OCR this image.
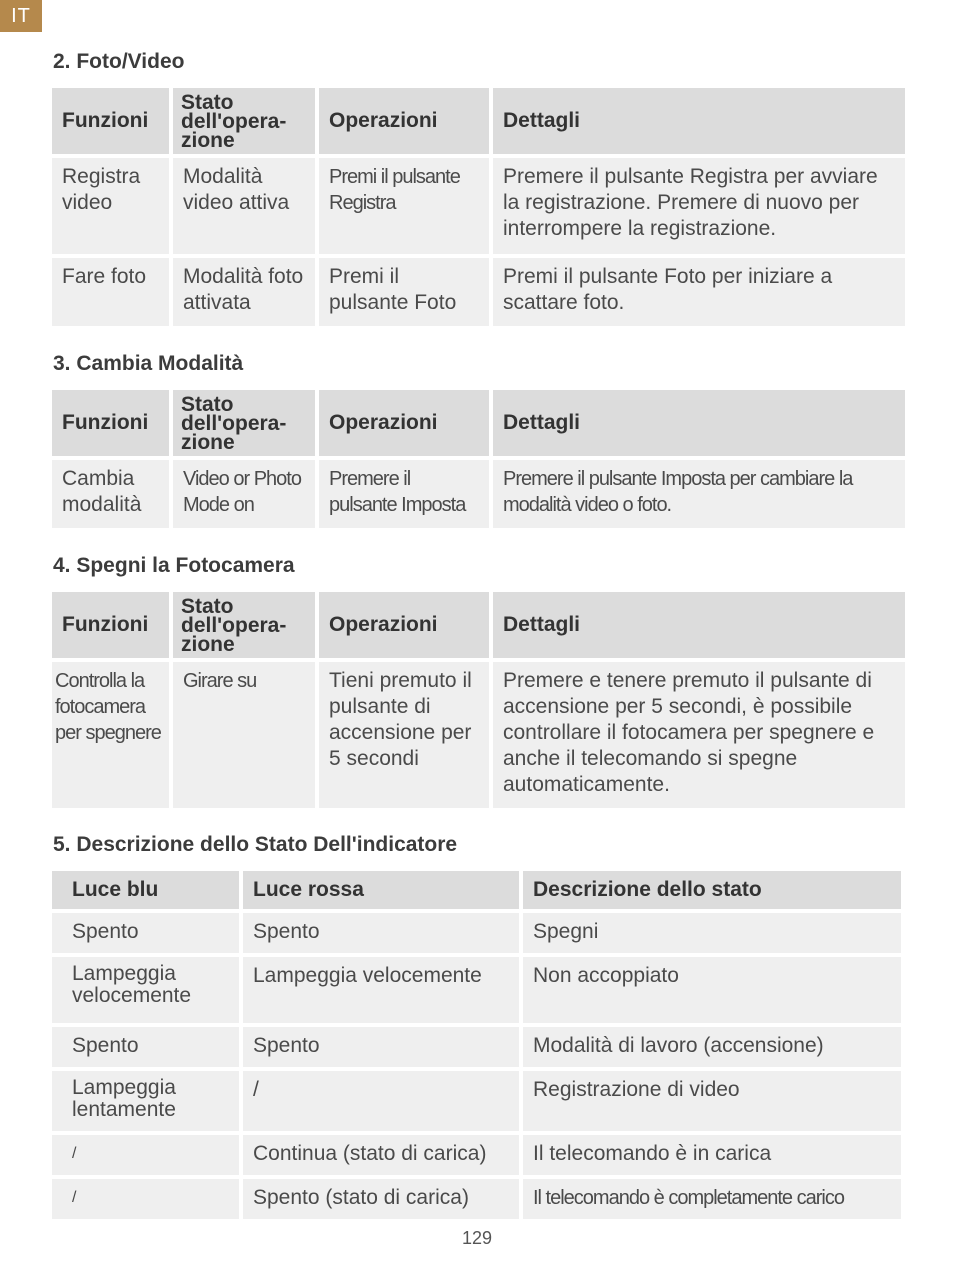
IT
2. Foto/Video
Funzioni	Stato dell'opera-zione	Operazioni	Dettagli
Registra video	Modalità video attiva	Premi il pulsante Registra	Premere il pulsante Registra per avviare la registrazione. Premere di nuovo per interrompere la registrazione.
Fare foto	Modalità foto attivata	Premi il pulsante Foto	Premi il pulsante Foto per iniziare a scattare foto.
3. Cambia Modalità
Funzioni	Stato dell'opera-zione	Operazioni	Dettagli
Cambia modalità	Video or Photo Mode on	Premere il pulsante Imposta	Premere il pulsante Imposta per cambiare la modalità video o foto.
4. Spegni la Fotocamera
Funzioni	Stato dell'opera-zione	Operazioni	Dettagli
Controlla la fotocamera per spegnere	Girare su	Tieni premuto il pulsante di accensione per 5 secondi	Premere e tenere premuto il pulsante di accensione per 5 secondi, è possibile controllare il fotocamera per spegnere e anche il telecomando si spegne automaticamente.
5. Descrizione dello Stato Dell'indicatore
Luce blu	Luce rossa	Descrizione dello stato
Spento	Spento	Spegni
Lampeggia velocemente	Lampeggia velocemente	Non accoppiato
Spento	Spento	Modalità di lavoro (accensione)
Lampeggia lentamente	/	Registrazione di video
/	Continua (stato di carica)	Il telecomando è in carica
/	Spento (stato di carica)	Il telecomando è completamente carico
129
